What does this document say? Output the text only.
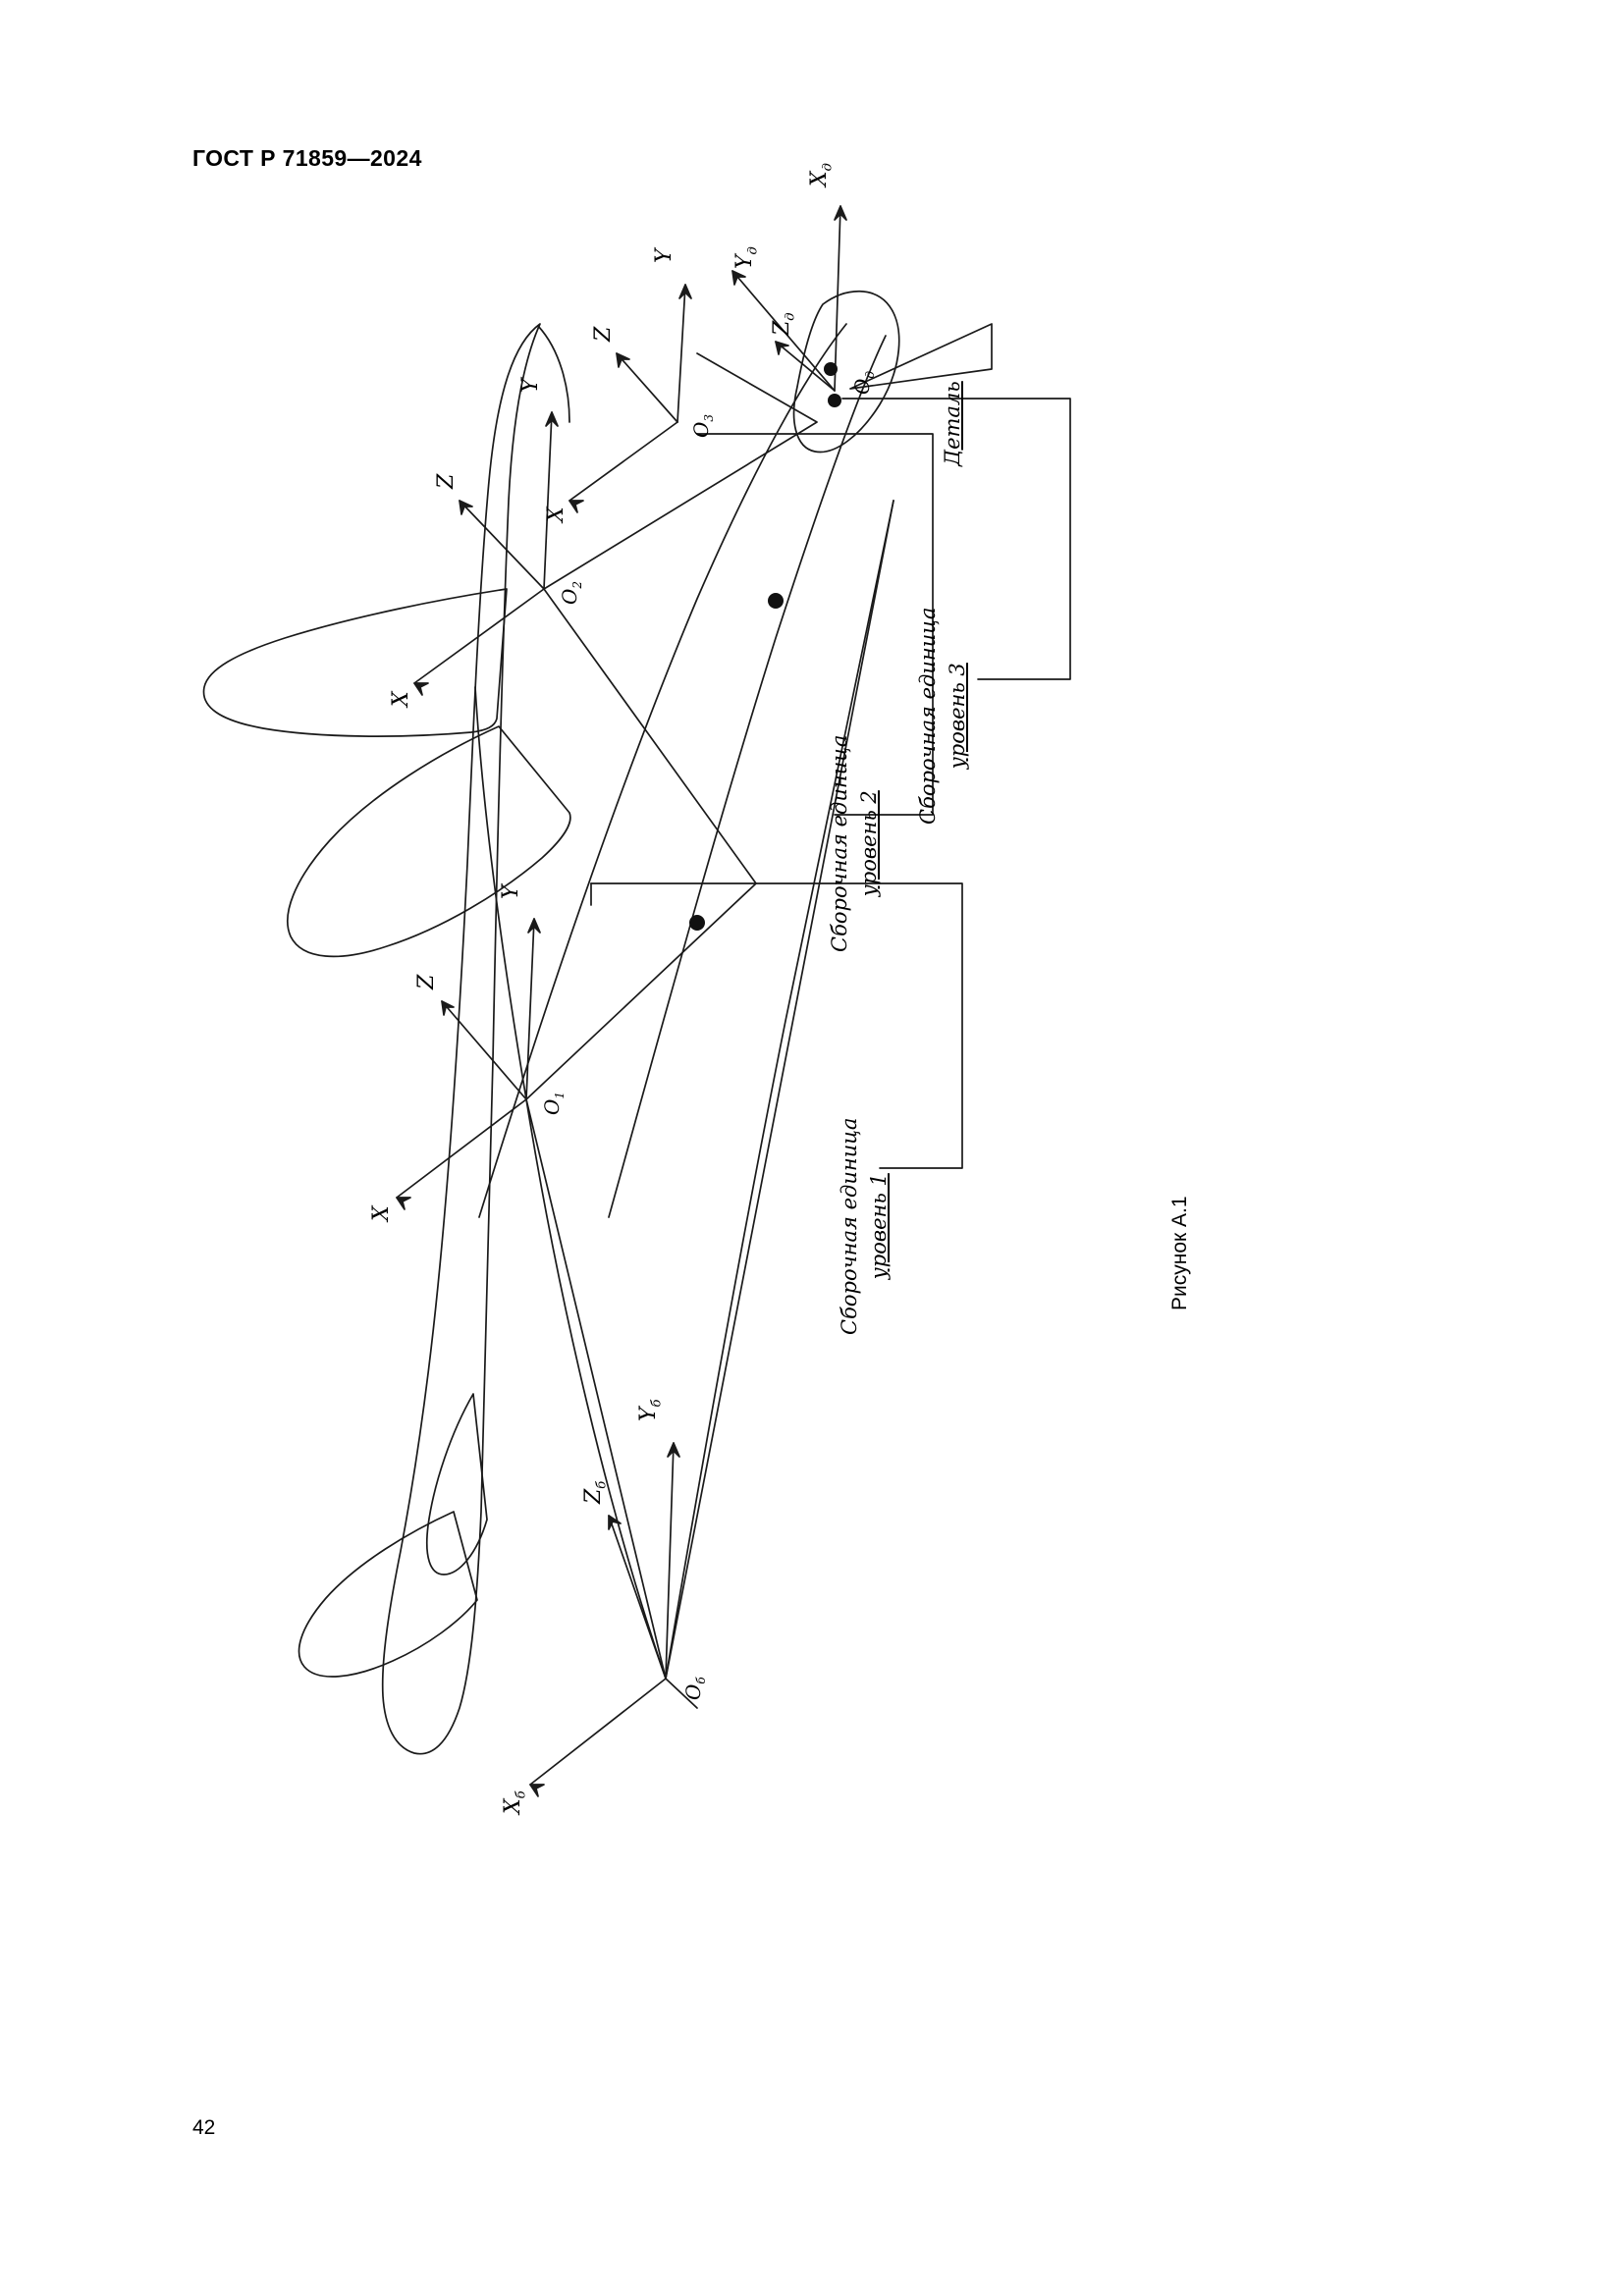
ГОСТ Р 71859—2024
Деталь
Сборочная единица уровень 3
Сборочная единица уровень 2
Сборочная единица уровень 1
$Y_б$
$X_б$
$Z_б$
$O_б$
Y
X
Z
$O_1$
Y
X
Z
$O_2$
Y
X
Z
$O_3$
$X_д$
$Y_д$
$Z_д$
$O_д$
Рисунок А.1
42
